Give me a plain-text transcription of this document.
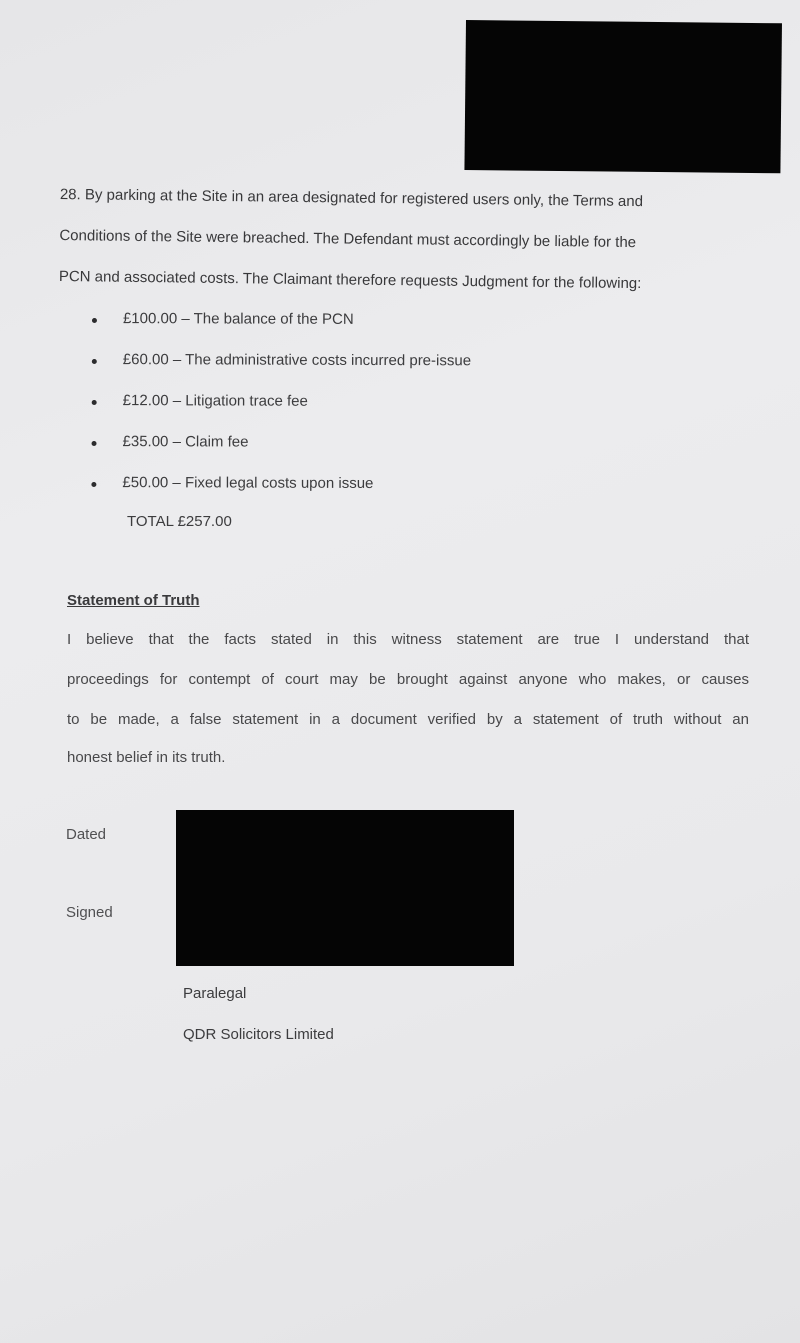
28. By parking at the Site in an area designated for registered users only, the Terms and
Conditions of the Site were breached. The Defendant must accordingly be liable for the
PCN and associated costs. The Claimant therefore requests Judgment for the following:
£100.00 – The balance of the PCN
£60.00 – The administrative costs incurred pre-issue
£12.00 – Litigation trace fee
£35.00 – Claim fee
£50.00 – Fixed legal costs upon issue
TOTAL £257.00
Statement of Truth
I believe that the facts stated in this witness statement are true I understand that
proceedings for contempt of court may be brought against anyone who makes, or causes
to be made, a false statement in a document verified by a statement of truth without an
honest belief in its truth.
Dated
Signed
Paralegal
QDR Solicitors Limited
